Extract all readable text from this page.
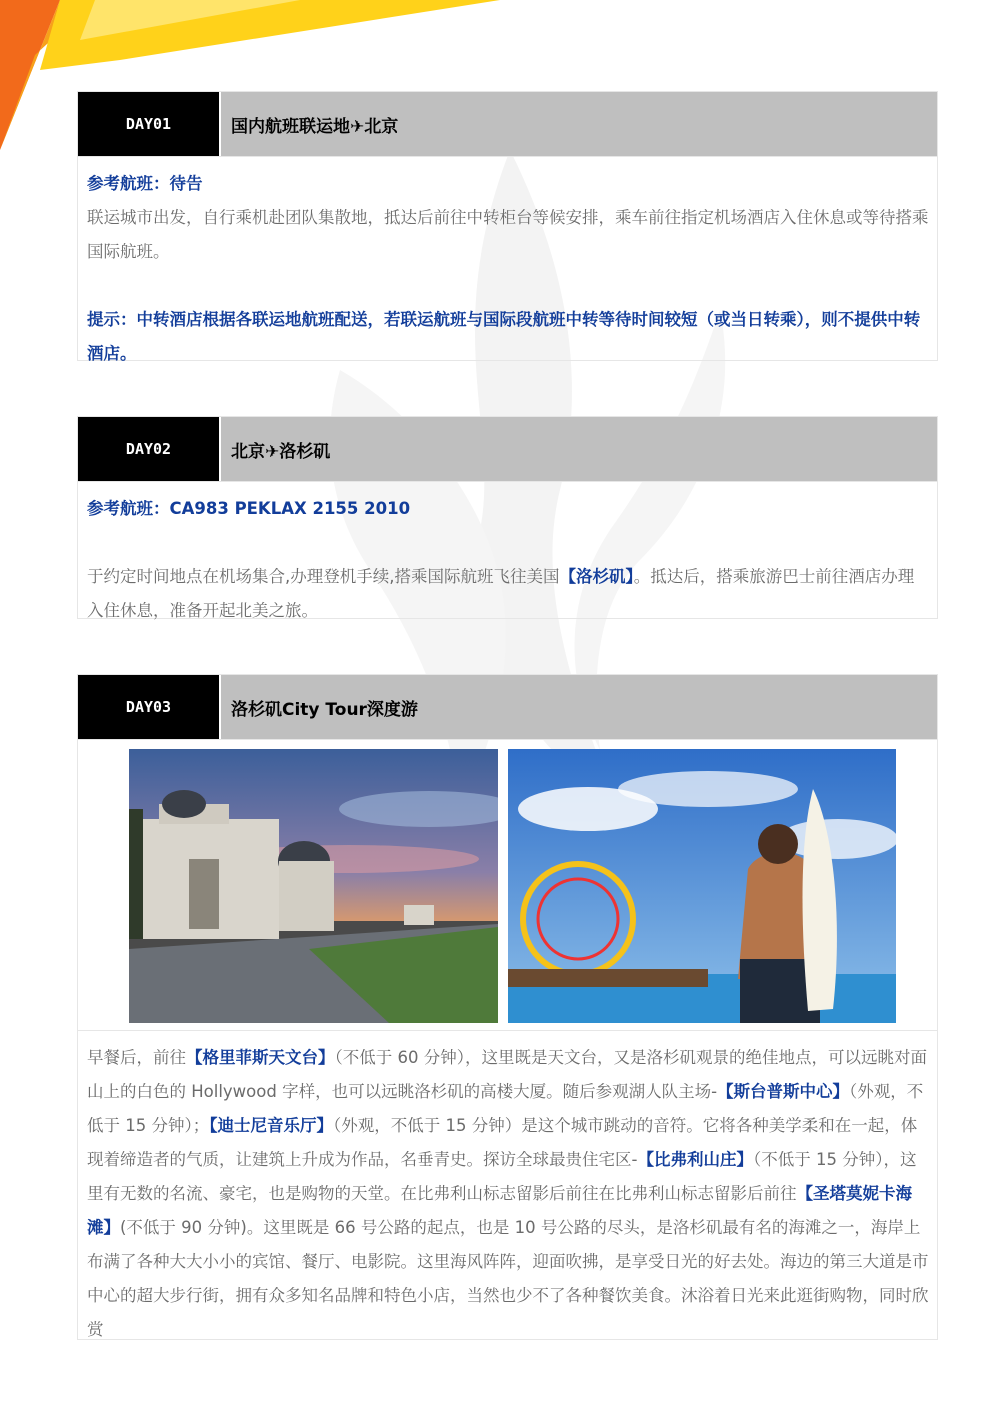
DAY01	国内航班联运地✈北京

参考航班：待告

联运城市出发，自行乘机赴团队集散地，抵达后前往中转柜台等候安排，乘车前往指定机场酒店入住休息或等待搭乘国际航班。

提示：中转酒店根据各联运地航班配送，若联运航班与国际段航班中转等待时间较短（或当日转乘），则不提供中转酒店。

DAY02	北京✈洛杉矶

参考航班：CA983 PEKLAX 2155 2010

于约定时间地点在机场集合,办理登机手续,搭乘国际航班飞往美国【洛杉矶】。抵达后，搭乘旅游巴士前往酒店办理入住休息，准备开起北美之旅。

DAY03	洛杉矶City Tour深度游

早餐后，前往【格里菲斯天文台】（不低于 60 分钟），这里既是天文台，又是洛杉矶观景的绝佳地点，可以远眺对面山上的白色的 Hollywood 字样，也可以远眺洛杉矶的高楼大厦。随后参观湖人队主场-【斯台普斯中心】（外观，不低于 15 分钟）；【迪士尼音乐厅】（外观，不低于 15 分钟）是这个城市跳动的音符。它将各种美学柔和在一起，体现着缔造者的气质，让建筑上升成为作品，名垂青史。探访全球最贵住宅区-【比弗利山庄】（不低于 15 分钟），这里有无数的名流、豪宅，也是购物的天堂。在比弗利山标志留影后前往在比弗利山标志留影后前往【圣塔莫妮卡海滩】(不低于 90 分钟)。这里既是 66 号公路的起点，也是 10 号公路的尽头，是洛杉矶最有名的海滩之一，海岸上布满了各种大大小小的宾馆、餐厅、电影院。这里海风阵阵，迎面吹拂，是享受日光的好去处。海边的第三大道是市中心的超大步行街，拥有众多知名品牌和特色小店，当然也少不了各种餐饮美食。沐浴着日光来此逛街购物，同时欣赏
